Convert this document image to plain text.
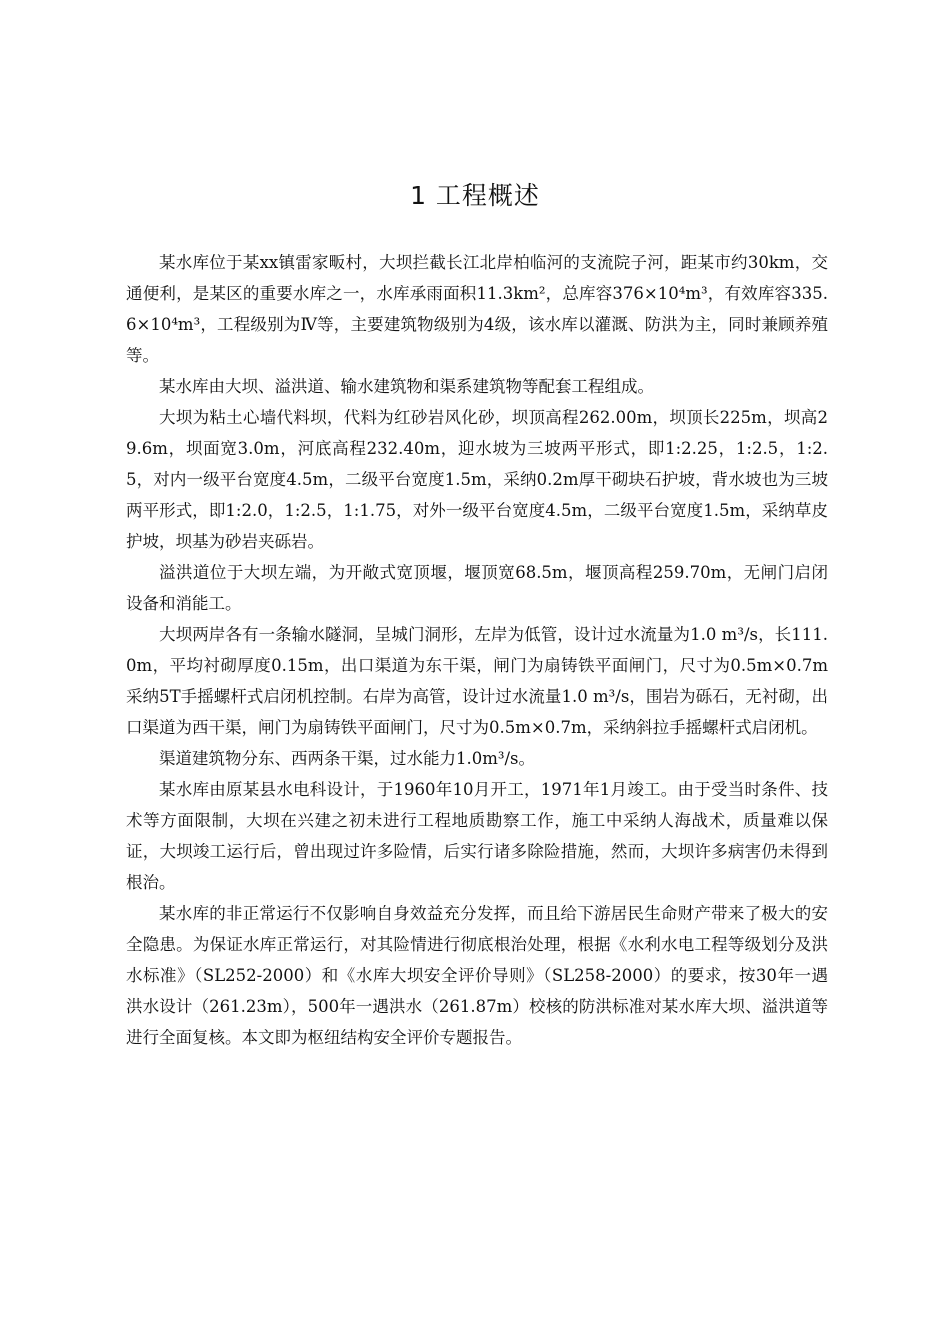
1 工程概述

某水库位于某xx镇雷家畈村，大坝拦截长江北岸柏临河的支流院子河，距某市约30km，交通便利，是某区的重要水库之一，水库承雨面积11.3km²，总库容376×10⁴m³，有效库容335.6×10⁴m³，工程级别为Ⅳ等，主要建筑物级别为4级，该水库以灌溉、防洪为主，同时兼顾养殖等。

某水库由大坝、溢洪道、输水建筑物和渠系建筑物等配套工程组成。

大坝为粘土心墙代料坝，代料为红砂岩风化砂，坝顶高程262.00m，坝顶长225m，坝高29.6m，坝面宽3.0m，河底高程232.40m，迎水坡为三坡两平形式，即1:2.25，1:2.5，1:2.5，对内一级平台宽度4.5m，二级平台宽度1.5m，采纳0.2m厚干砌块石护坡，背水坡也为三坡两平形式，即1:2.0，1:2.5，1:1.75，对外一级平台宽度4.5m，二级平台宽度1.5m，采纳草皮护坡，坝基为砂岩夹砾岩。

溢洪道位于大坝左端，为开敞式宽顶堰，堰顶宽68.5m，堰顶高程259.70m，无闸门启闭设备和消能工。

大坝两岸各有一条输水隧洞，呈城门洞形，左岸为低管，设计过水流量为1.0 m³/s，长111.0m，平均衬砌厚度0.15m，出口渠道为东干渠，闸门为扇铸铁平面闸门，尺寸为0.5m×0.7m采纳5T手摇螺杆式启闭机控制。右岸为高管，设计过水流量1.0 m³/s，围岩为砾石，无衬砌，出口渠道为西干渠，闸门为扇铸铁平面闸门，尺寸为0.5m×0.7m，采纳斜拉手摇螺杆式启闭机。

渠道建筑物分东、西两条干渠，过水能力1.0m³/s。

某水库由原某县水电科设计，于1960年10月开工，1971年1月竣工。由于受当时条件、技术等方面限制，大坝在兴建之初未进行工程地质勘察工作，施工中采纳人海战术，质量难以保证，大坝竣工运行后，曾出现过许多险情，后实行诸多除险措施，然而，大坝许多病害仍未得到根治。

某水库的非正常运行不仅影响自身效益充分发挥，而且给下游居民生命财产带来了极大的安全隐患。为保证水库正常运行，对其险情进行彻底根治处理，根据《水利水电工程等级划分及洪水标准》（SL252-2000）和《水库大坝安全评价导则》（SL258-2000）的要求，按30年一遇洪水设计（261.23m），500年一遇洪水（261.87m）校核的防洪标准对某水库大坝、溢洪道等进行全面复核。本文即为枢纽结构安全评价专题报告。
